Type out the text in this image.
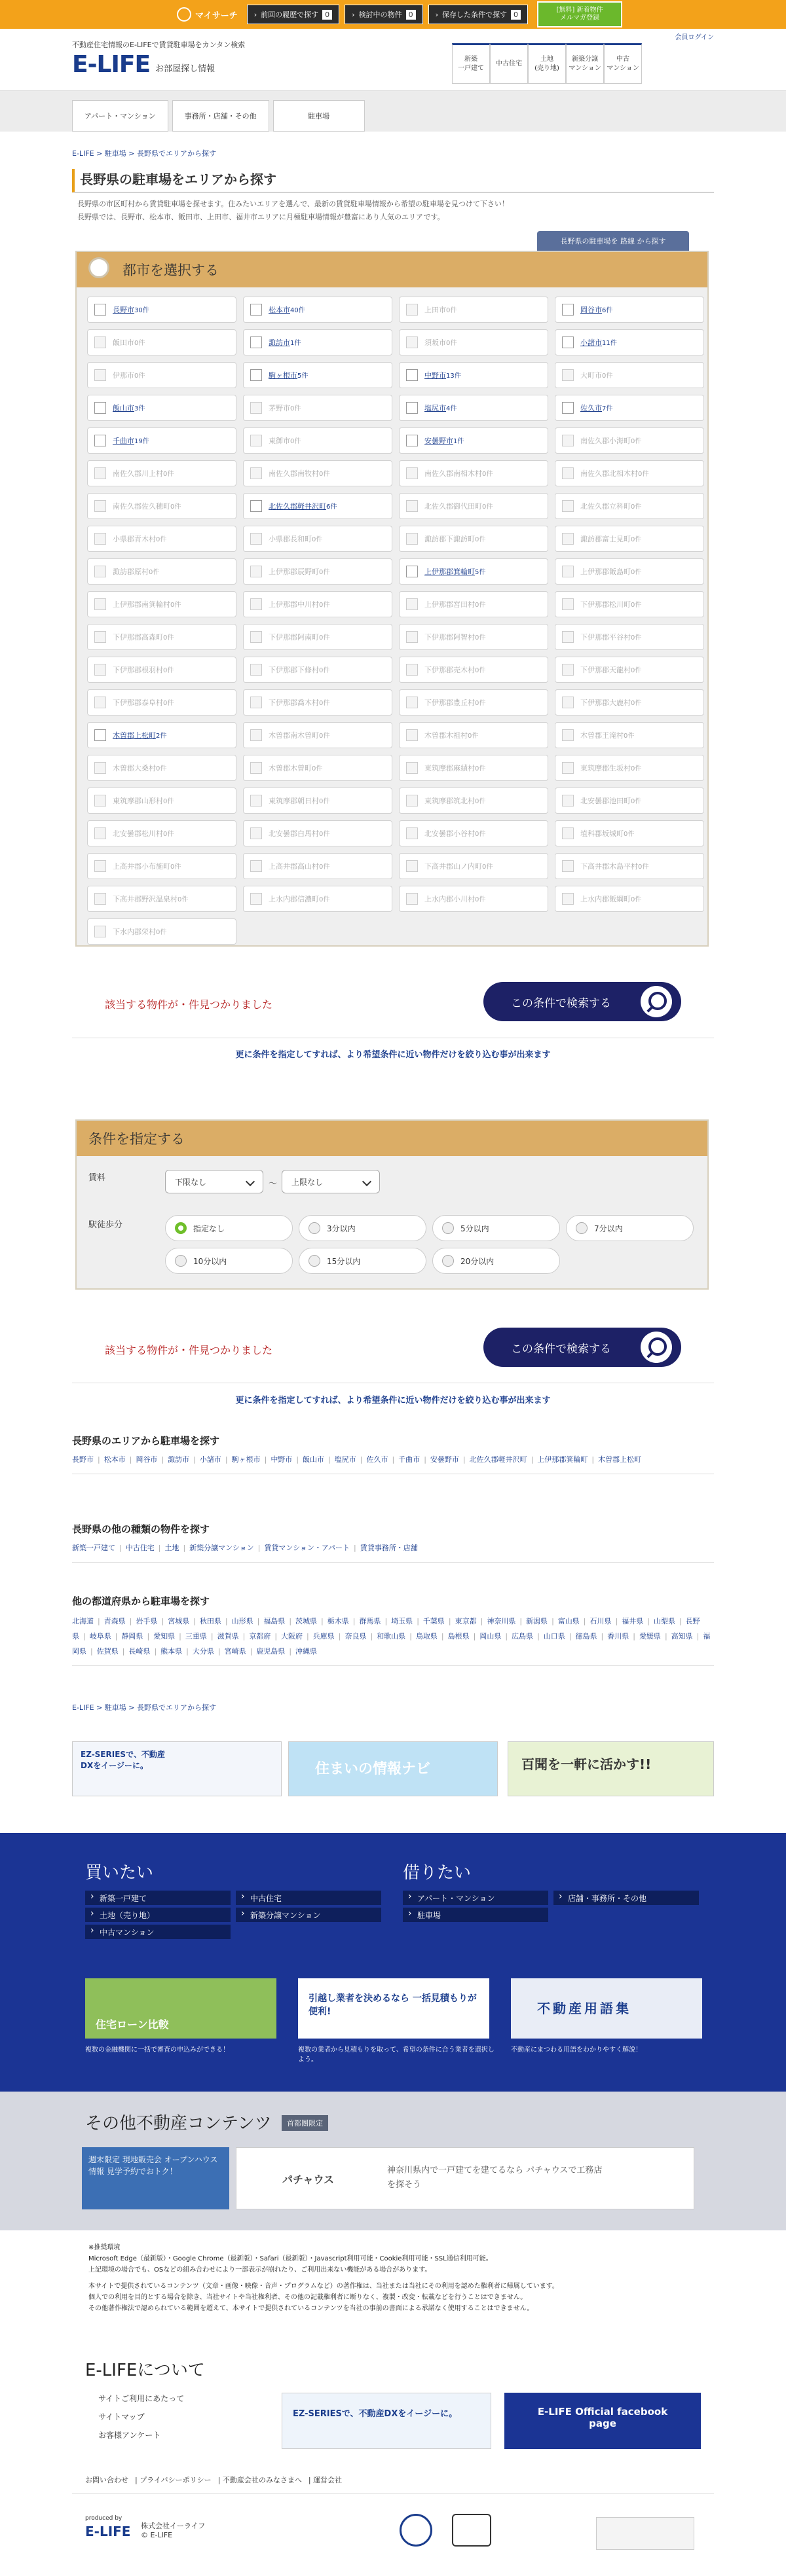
マイサーチ › 前回の履歴で探す 0	› 検討中の物件 0	› 保存した条件で探す 0	[無料] 新着物件
メルマガ登録
不動産住宅情報のE-LIFEで賃貸駐車場をカンタン検索
E-LIFE お部屋探し情報
会員ログイン
新築
一戸建て
中古住宅
土地
(売り地)
新築分譲
マンション
中古
マンション
アパート・マンション	事務所・店舗・その他	駐車場
E-LIFE > 駐車場 > 長野県でエリアから探す
長野県の駐車場をエリアから探す
長野県の市区町村から賃貸駐車場を探せます。住みたいエリアを選んで、最新の賃貸駐車場情報から希望の駐車場を見つけて下さい！
長野県では、長野市、松本市、飯田市、上田市、福井市エリアに月極駐車場情報が豊富にあり人気のエリアです。
長野県の駐車場を 路線 から探す
都市を選択する
長野市30件	松本市40件	上田市0件	岡谷市6件
飯田市0件	諏訪市1件	須坂市0件	小諸市11件
伊那市0件	駒ヶ根市5件	中野市13件	大町市0件
飯山市3件	茅野市0件	塩尻市4件	佐久市7件
千曲市19件	東御市0件	安曇野市1件	南佐久郡小海町0件
南佐久郡川上村0件	南佐久郡南牧村0件	南佐久郡南相木村0件	南佐久郡北相木村0件
南佐久郡佐久穂町0件	北佐久郡軽井沢町6件	北佐久郡御代田町0件	北佐久郡立科町0件
小県郡青木村0件	小県郡長和町0件	諏訪郡下諏訪町0件	諏訪郡富士見町0件
諏訪郡原村0件	上伊那郡辰野町0件	上伊那郡箕輪町5件	上伊那郡飯島町0件
上伊那郡南箕輪村0件	上伊那郡中川村0件	上伊那郡宮田村0件	下伊那郡松川町0件
下伊那郡高森町0件	下伊那郡阿南町0件	下伊那郡阿智村0件	下伊那郡平谷村0件
下伊那郡根羽村0件	下伊那郡下條村0件	下伊那郡売木村0件	下伊那郡天龍村0件
下伊那郡泰阜村0件	下伊那郡喬木村0件	下伊那郡豊丘村0件	下伊那郡大鹿村0件
木曽郡上松町2件	木曽郡南木曽町0件	木曽郡木祖村0件	木曽郡王滝村0件
木曽郡大桑村0件	木曽郡木曽町0件	東筑摩郡麻績村0件	東筑摩郡生坂村0件
東筑摩郡山形村0件	東筑摩郡朝日村0件	東筑摩郡筑北村0件	北安曇郡池田町0件
北安曇郡松川村0件	北安曇郡白馬村0件	北安曇郡小谷村0件	埴科郡坂城町0件
上高井郡小布施町0件	上高井郡高山村0件	下高井郡山ノ内町0件	下高井郡木島平村0件
下高井郡野沢温泉村0件	上水内郡信濃町0件	上水内郡小川村0件	上水内郡飯綱町0件
下水内郡栄村0件
該当する物件が・件見つかりました	この条件で検索する
更に条件を指定してすれば、より希望条件に近い物件だけを絞り込む事が出来ます
条件を指定する
賃料	下限なし	～	上限なし
駅徒歩分	指定なし	3分以内	5分以内	7分以内
10分以内	15分以内	20分以内
該当する物件が・件見つかりました	この条件で検索する
更に条件を指定してすれば、より希望条件に近い物件だけを絞り込む事が出来ます
長野県のエリアから駐車場を探す
長野市 | 松本市 | 岡谷市 | 諏訪市 | 小諸市 | 駒ヶ根市 | 中野市 | 飯山市 | 塩尻市 | 佐久市 | 千曲市 | 安曇野市 | 北佐久郡軽井沢町 | 上伊那郡箕輪町 | 木曽郡上松町
長野県の他の種類の物件を探す
新築一戸建て | 中古住宅 | 土地 | 新築分譲マンション | 賃貸マンション・アパート | 賃貸事務所・店舗
他の都道府県から駐車場を探す
北海道 | 青森県 | 岩手県 | 宮城県 | 秋田県 | 山形県 | 福島県 | 茨城県 | 栃木県 | 群馬県 | 埼玉県 | 千葉県 | 東京都 | 神奈川県 | 新潟県 | 富山県 | 石川県 | 福井県 | 山梨県 | 長野県 | 岐阜県 | 静岡県 | 愛知県 | 三重県 | 滋賀県 | 京都府 | 大阪府 | 兵庫県 | 奈良県 | 和歌山県 | 鳥取県 | 島根県 | 岡山県 | 広島県 | 山口県 | 徳島県 | 香川県 | 愛媛県 | 高知県 | 福岡県 | 佐賀県 | 長崎県 | 熊本県 | 大分県 | 宮崎県 | 鹿児島県 | 沖縄県
E-LIFE > 駐車場 > 長野県でエリアから探す
EZ-SERIESで、不動産DXをイージーに。	住まいの情報ナビ	百聞を一軒に活かす!!
買いたい
› 新築一戸建て
› 土地（売り地）
› 中古マンション
› 中古住宅
› 新築分譲マンション
借りたい
› アパート・マンション
› 駐車場
› 店舗・事務所・その他
住宅ローン比較
複数の金融機関に一括で審査の申込みができる！
引越し業者を決めるなら 一括見積もりが便利!
複数の業者から見積もりを取って、希望の条件に合う業者を選択しよう。
不動産用語集
不動産にまつわる用語をわかりやすく解説！
その他不動産コンテンツ	首都圏限定
週末限定 現地販売会 オープンハウス情報 見学予約でおトク！
パチャウス
神奈川県内で一戸建てを建てるなら パチャウスで工務店を探そう
※推奨環境
Microsoft Edge（最新版）・Google Chrome（最新版）・Safari（最新版）・Javascript利用可能・Cookie利用可能・SSL通信利用可能。
上記環境の場合でも、OSなどの組み合わせにより一部表示が崩れたり、ご利用出来ない機能がある場合があります。
本サイトで提供されているコンテンツ（文章・画像・映像・音声・プログラムなど）の著作権は、当社または当社にその利用を認めた権利者に帰属しています。
個人での利用を目的とする場合を除き、当社サイトや当社権利者、その他の記載権利者に断りなく、複製・改変・転載などを行うことはできません。
その他著作権法で認められている範囲を超えて、本サイトで提供されているコンテンツを当社の事前の書面による承諾なく使用することはできません。
E-LIFEについて
サイトご利用にあたって
サイトマップ
お客様アンケート
EZ-SERIESで、不動産DXをイージーに。	E-LIFE Official facebook page
お問い合わせ | プライバシーポリシー | 不動産会社のみなさまへ | 運営会社
produced by
E-LIFE 株式会社イーライフ
© E-LIFE
